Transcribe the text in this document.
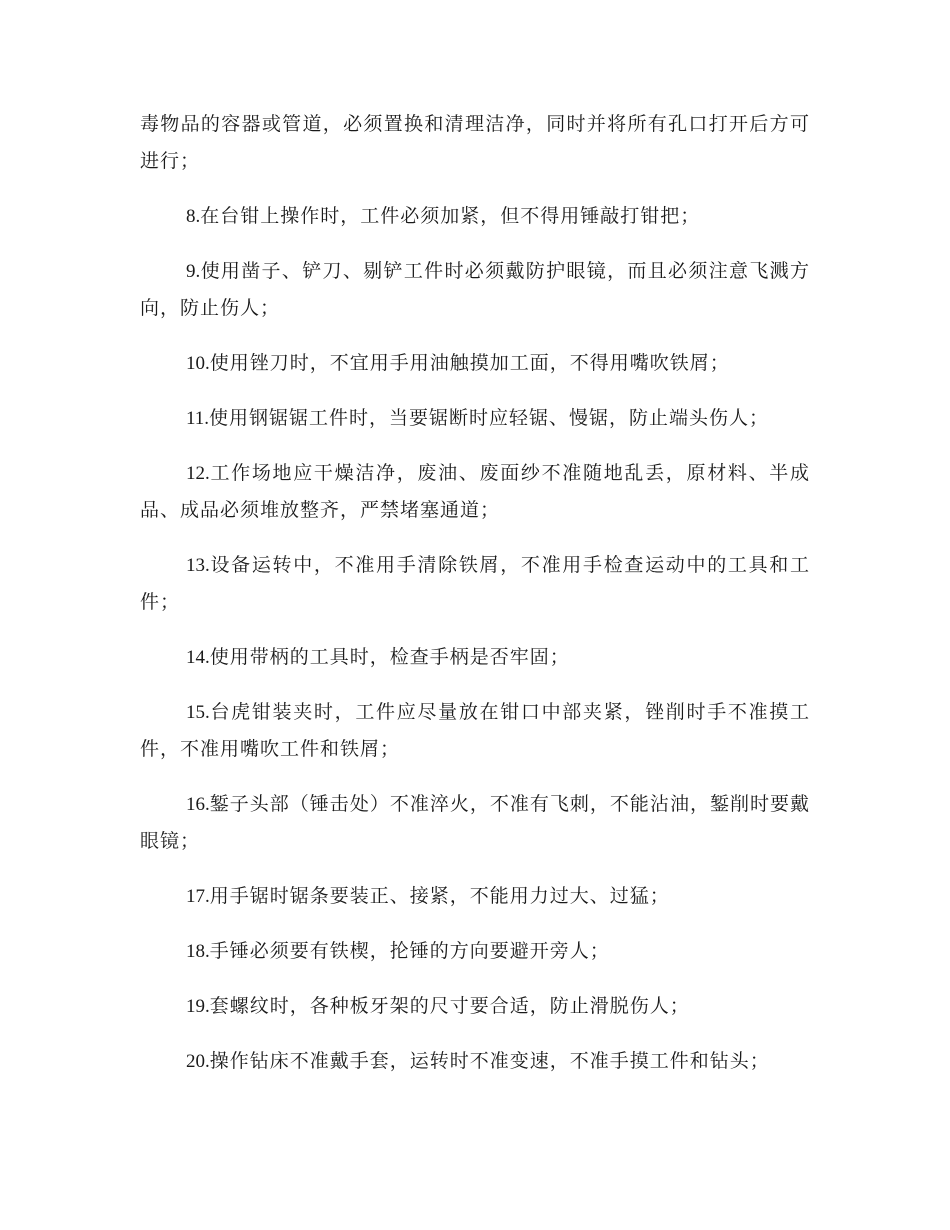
毒物品的容器或管道，必须置换和清理洁净，同时并将所有孔口打开后方可进行；

8.在台钳上操作时，工件必须加紧，但不得用锤敲打钳把；

9.使用凿子、铲刀、剔铲工件时必须戴防护眼镜，而且必须注意飞溅方向，防止伤人；

10.使用锉刀时，不宜用手用油触摸加工面，不得用嘴吹铁屑；

11.使用钢锯锯工件时，当要锯断时应轻锯、慢锯，防止端头伤人；

12.工作场地应干燥洁净，废油、废面纱不准随地乱丢，原材料、半成品、成品必须堆放整齐，严禁堵塞通道；

13.设备运转中，不准用手清除铁屑，不准用手检查运动中的工具和工件；

14.使用带柄的工具时，检查手柄是否牢固；

15.台虎钳装夹时，工件应尽量放在钳口中部夹紧，锉削时手不准摸工件，不准用嘴吹工件和铁屑；

16.錾子头部（锤击处）不准淬火，不准有飞刺，不能沾油，錾削时要戴眼镜；

17.用手锯时锯条要装正、接紧，不能用力过大、过猛；

18.手锤必须要有铁楔，抡锤的方向要避开旁人；

19.套螺纹时，各种板牙架的尺寸要合适，防止滑脱伤人；

20.操作钻床不准戴手套，运转时不准变速，不准手摸工件和钻头；
